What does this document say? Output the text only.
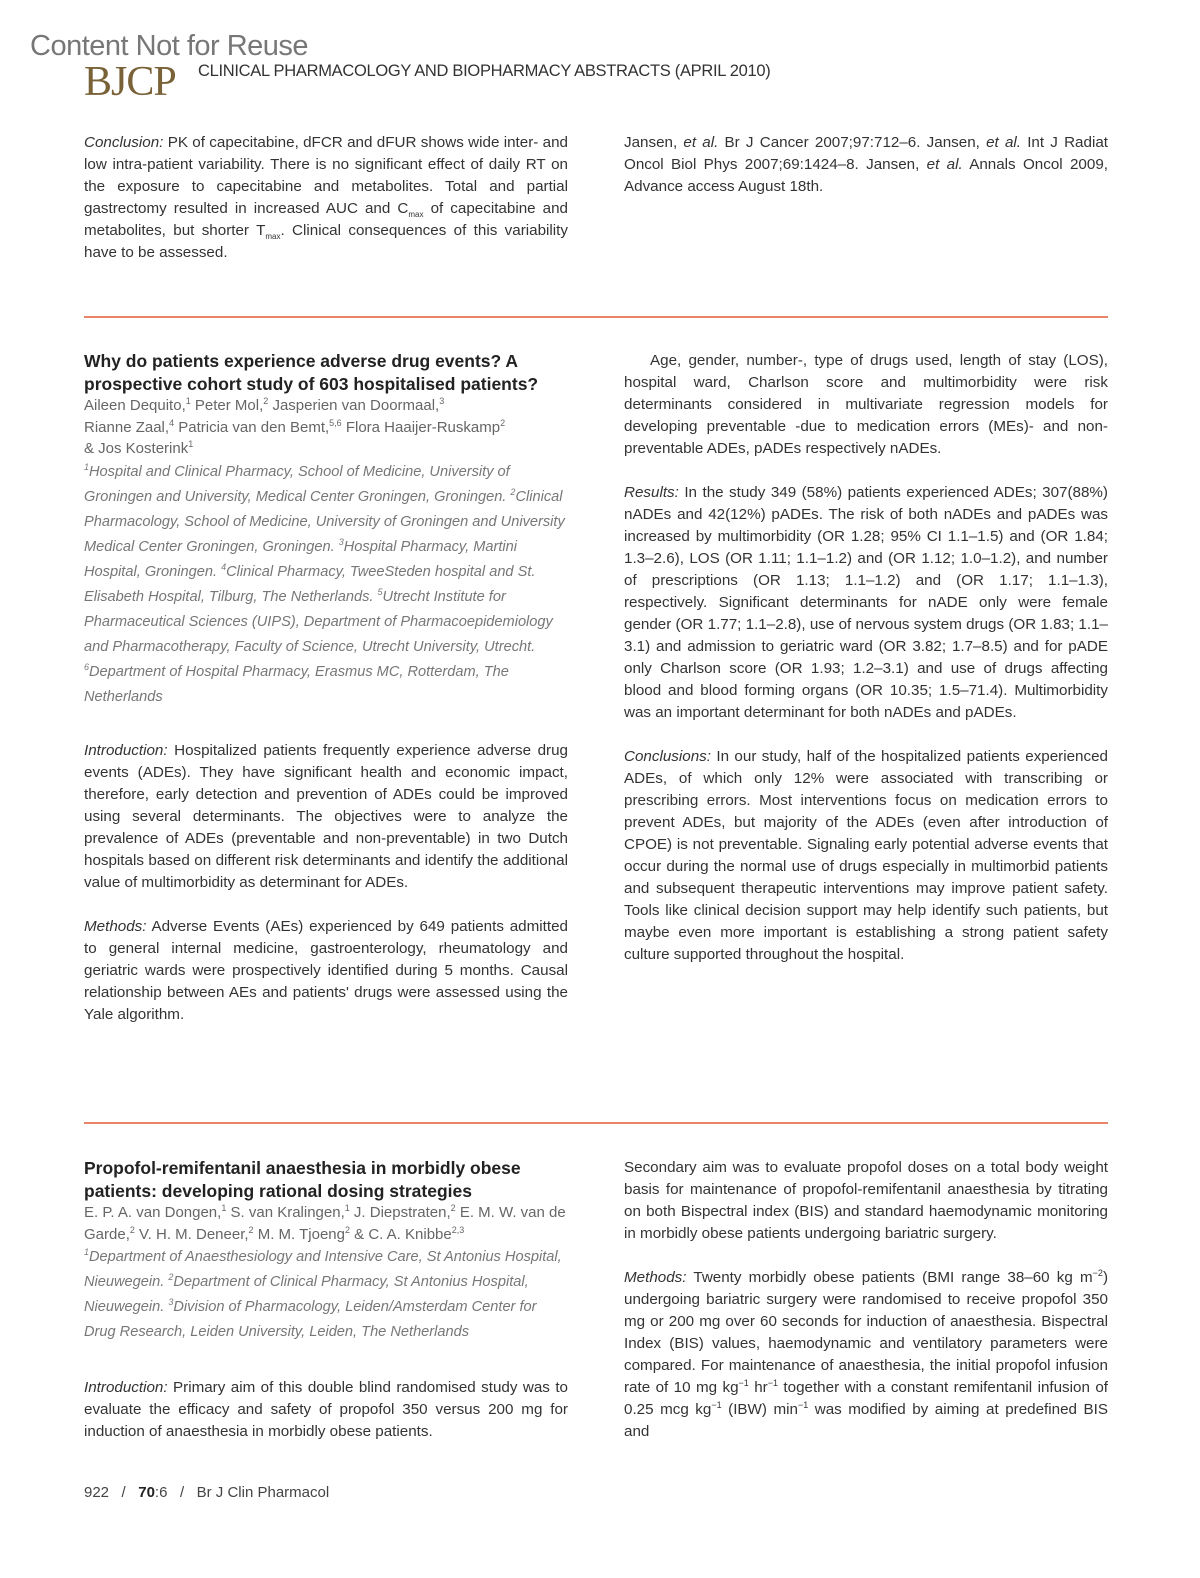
Content Not for Reuse
BJCP CLINICAL PHARMACOLOGY AND BIOPHARMACY ABSTRACTS (APRIL 2010)

Conclusion: PK of capecitabine, dFCR and dFUR shows wide inter- and low intra-patient variability. There is no significant effect of daily RT on the exposure to capecitabine and metabolites. Total and partial gastrectomy resulted in increased AUC and $C_{max}$ of capecitabine and metabolites, but shorter $T_{max}$. Clinical consequences of this variability have to be assessed.

Jansen, et al. Br J Cancer 2007;97:712–6. Jansen, et al. Int J Radiat Oncol Biol Phys 2007;69:1424–8. Jansen, et al. Annals Oncol 2009, Advance access August 18th.

Why do patients experience adverse drug events? A prospective cohort study of 603 hospitalised patients?
Aileen Dequito,$^1$ Peter Mol,$^2$ Jasperien van Doormaal,$^3$
Rianne Zaal,$^4$ Patricia van den Bemt,$^{5,6}$ Flora Haaijer-Ruskamp$^2$
& Jos Kosterink$^1$
$^1$Hospital and Clinical Pharmacy, School of Medicine, University of Groningen and University, Medical Center Groningen, Groningen. $^2$Clinical Pharmacology, School of Medicine, University of Groningen and University Medical Center Groningen, Groningen. $^3$Hospital Pharmacy, Martini Hospital, Groningen. $^4$Clinical Pharmacy, TweeSteden hospital and St. Elisabeth Hospital, Tilburg, The Netherlands. $^5$Utrecht Institute for Pharmaceutical Sciences (UIPS), Department of Pharmacoepidemiology and Pharmacotherapy, Faculty of Science, Utrecht University, Utrecht. $^6$Department of Hospital Pharmacy, Erasmus MC, Rotterdam, The Netherlands

Introduction: Hospitalized patients frequently experience adverse drug events (ADEs). They have significant health and economic impact, therefore, early detection and prevention of ADEs could be improved using several determinants. The objectives were to analyze the prevalence of ADEs (preventable and non-preventable) in two Dutch hospitals based on different risk determinants and identify the additional value of multimorbidity as determinant for ADEs.

Methods: Adverse Events (AEs) experienced by 649 patients admitted to general internal medicine, gastroenterology, rheumatology and geriatric wards were prospectively identified during 5 months. Causal relationship between AEs and patients' drugs were assessed using the Yale algorithm.

Age, gender, number-, type of drugs used, length of stay (LOS), hospital ward, Charlson score and multimorbidity were risk determinants considered in multivariate regression models for developing preventable -due to medication errors (MEs)- and non-preventable ADEs, pADEs respectively nADEs.

Results: In the study 349 (58%) patients experienced ADEs; 307(88%) nADEs and 42(12%) pADEs. The risk of both nADEs and pADEs was increased by multimorbidity (OR 1.28; 95% CI 1.1–1.5) and (OR 1.84; 1.3–2.6), LOS (OR 1.11; 1.1–1.2) and (OR 1.12; 1.0–1.2), and number of prescriptions (OR 1.13; 1.1–1.2) and (OR 1.17; 1.1–1.3), respectively. Significant determinants for nADE only were female gender (OR 1.77; 1.1–2.8), use of nervous system drugs (OR 1.83; 1.1–3.1) and admission to geriatric ward (OR 3.82; 1.7–8.5) and for pADE only Charlson score (OR 1.93; 1.2–3.1) and use of drugs affecting blood and blood forming organs (OR 10.35; 1.5–71.4). Multimorbidity was an important determinant for both nADEs and pADEs.

Conclusions: In our study, half of the hospitalized patients experienced ADEs, of which only 12% were associated with transcribing or prescribing errors. Most interventions focus on medication errors to prevent ADEs, but majority of the ADEs (even after introduction of CPOE) is not preventable. Signaling early potential adverse events that occur during the normal use of drugs especially in multimorbid patients and subsequent therapeutic interventions may improve patient safety. Tools like clinical decision support may help identify such patients, but maybe even more important is establishing a strong patient safety culture supported throughout the hospital.

Propofol-remifentanil anaesthesia in morbidly obese patients: developing rational dosing strategies
E. P. A. van Dongen,$^1$ S. van Kralingen,$^1$ J. Diepstraten,$^2$ E. M. W. van de Garde,$^2$ V. H. M. Deneer,$^2$ M. M. Tjoeng$^2$ & C. A. Knibbe$^{2,3}$
$^1$Department of Anaesthesiology and Intensive Care, St Antonius Hospital, Nieuwegein. $^2$Department of Clinical Pharmacy, St Antonius Hospital, Nieuwegein. $^3$Division of Pharmacology, Leiden/Amsterdam Center for Drug Research, Leiden University, Leiden, The Netherlands

Introduction: Primary aim of this double blind randomised study was to evaluate the efficacy and safety of propofol 350 versus 200 mg for induction of anaesthesia in morbidly obese patients.

Secondary aim was to evaluate propofol doses on a total body weight basis for maintenance of propofol-remifentanil anaesthesia by titrating on both Bispectral index (BIS) and standard haemodynamic monitoring in morbidly obese patients undergoing bariatric surgery.

Methods: Twenty morbidly obese patients (BMI range 38–60 kg $m^{-2}$) undergoing bariatric surgery were randomised to receive propofol 350 mg or 200 mg over 60 seconds for induction of anaesthesia. Bispectral Index (BIS) values, haemodynamic and ventilatory parameters were compared. For maintenance of anaesthesia, the initial propofol infusion rate of 10 mg $kg^{-1}$ $hr^{-1}$ together with a constant remifentanil infusion of 0.25 mcg $kg^{-1}$ (IBW) $\min^{-1}$ was modified by aiming at predefined BIS and

922 / 70:6 / Br J Clin Pharmacol
